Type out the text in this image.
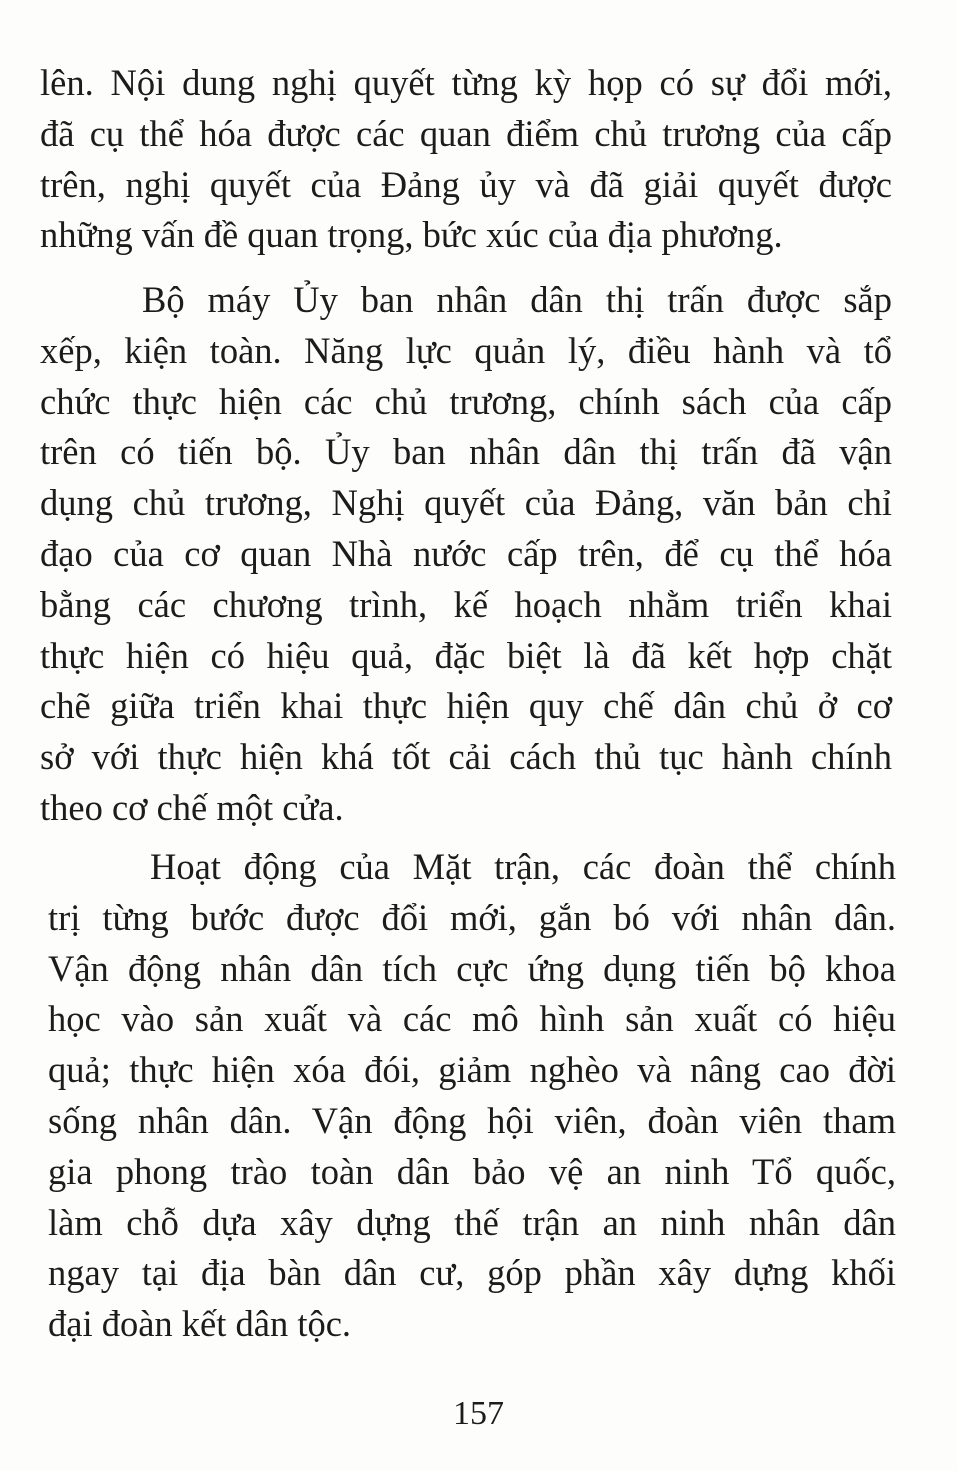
lên. Nội dung nghị quyết từng kỳ họp có sự đổi mới,
đã cụ thể hóa được các quan điểm chủ trương của cấp
trên, nghị quyết của Đảng ủy và đã giải quyết được
những vấn đề quan trọng, bức xúc của địa phương.
Bộ máy Ủy ban nhân dân thị trấn được sắp
xếp, kiện toàn. Năng lực quản lý, điều hành và tổ
chức thực hiện các chủ trương, chính sách của cấp
trên có tiến bộ. Ủy ban nhân dân thị trấn đã vận
dụng chủ trương, Nghị quyết của Đảng, văn bản chỉ
đạo của cơ quan Nhà nước cấp trên, để cụ thể hóa
bằng các chương trình, kế hoạch nhằm triển khai
thực hiện có hiệu quả, đặc biệt là đã kết hợp chặt
chẽ giữa triển khai thực hiện quy chế dân chủ ở cơ
sở với thực hiện khá tốt cải cách thủ tục hành chính
theo cơ chế một cửa.
Hoạt động của Mặt trận, các đoàn thể chính
trị từng bước được đổi mới, gắn bó với nhân dân.
Vận động nhân dân tích cực ứng dụng tiến bộ khoa
học vào sản xuất và các mô hình sản xuất có hiệu
quả; thực hiện xóa đói, giảm nghèo và nâng cao đời
sống nhân dân. Vận động hội viên, đoàn viên tham
gia phong trào toàn dân bảo vệ an ninh Tổ quốc,
làm chỗ dựa xây dựng thế trận an ninh nhân dân
ngay tại địa bàn dân cư, góp phần xây dựng khối
đại đoàn kết dân tộc.
157
